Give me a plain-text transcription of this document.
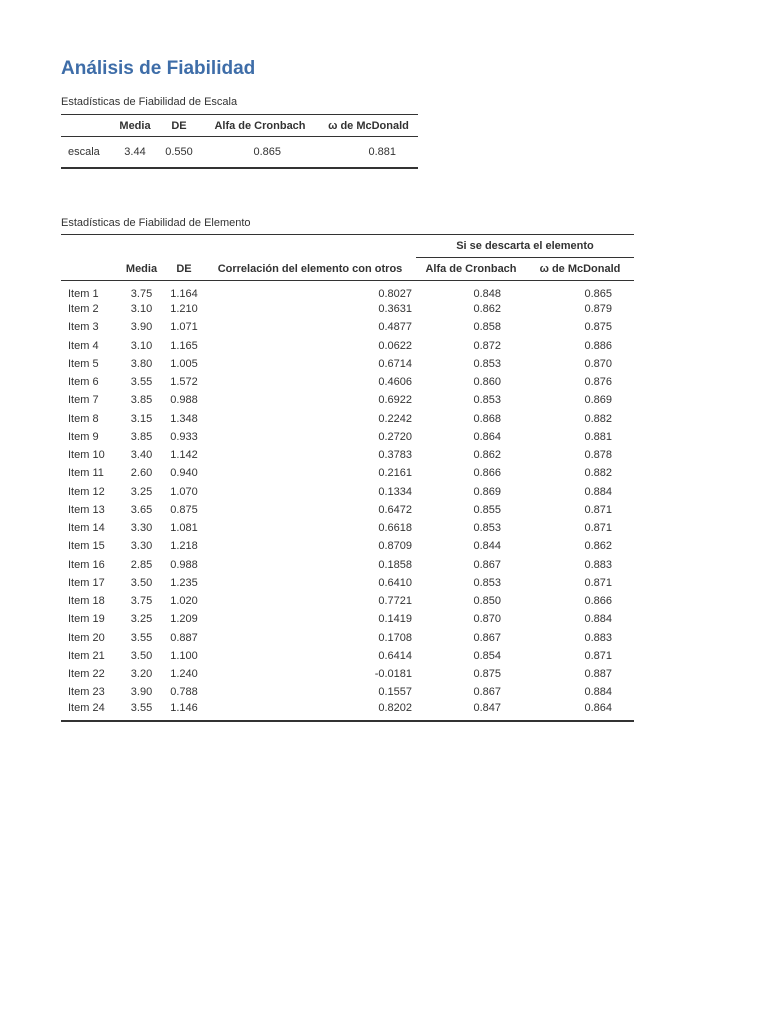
Análisis de Fiabilidad
Estadísticas de Fiabilidad de Escala
	Media	DE	Alfa de Cronbach	ω de McDonald
escala	3.44	0.550	0.865	0.881
Estadísticas de Fiabilidad de Elemento
				Si se descarta el elemento	
	Media	DE	Correlación del elemento con otros	Alfa de Cronbach	ω de McDonald
Item 1	3.75	1.164	0.8027	0.848	0.865
Item 2	3.10	1.210	0.3631	0.862	0.879
Item 3	3.90	1.071	0.4877	0.858	0.875
Item 4	3.10	1.165	0.0622	0.872	0.886
Item 5	3.80	1.005	0.6714	0.853	0.870
Item 6	3.55	1.572	0.4606	0.860	0.876
Item 7	3.85	0.988	0.6922	0.853	0.869
Item 8	3.15	1.348	0.2242	0.868	0.882
Item 9	3.85	0.933	0.2720	0.864	0.881
Item 10	3.40	1.142	0.3783	0.862	0.878
Item 11	2.60	0.940	0.2161	0.866	0.882
Item 12	3.25	1.070	0.1334	0.869	0.884
Item 13	3.65	0.875	0.6472	0.855	0.871
Item 14	3.30	1.081	0.6618	0.853	0.871
Item 15	3.30	1.218	0.8709	0.844	0.862
Item 16	2.85	0.988	0.1858	0.867	0.883
Item 17	3.50	1.235	0.6410	0.853	0.871
Item 18	3.75	1.020	0.7721	0.850	0.866
Item 19	3.25	1.209	0.1419	0.870	0.884
Item 20	3.55	0.887	0.1708	0.867	0.883
Item 21	3.50	1.100	0.6414	0.854	0.871
Item 22	3.20	1.240	-0.0181	0.875	0.887
Item 23	3.90	0.788	0.1557	0.867	0.884
Item 24	3.55	1.146	0.8202	0.847	0.864
